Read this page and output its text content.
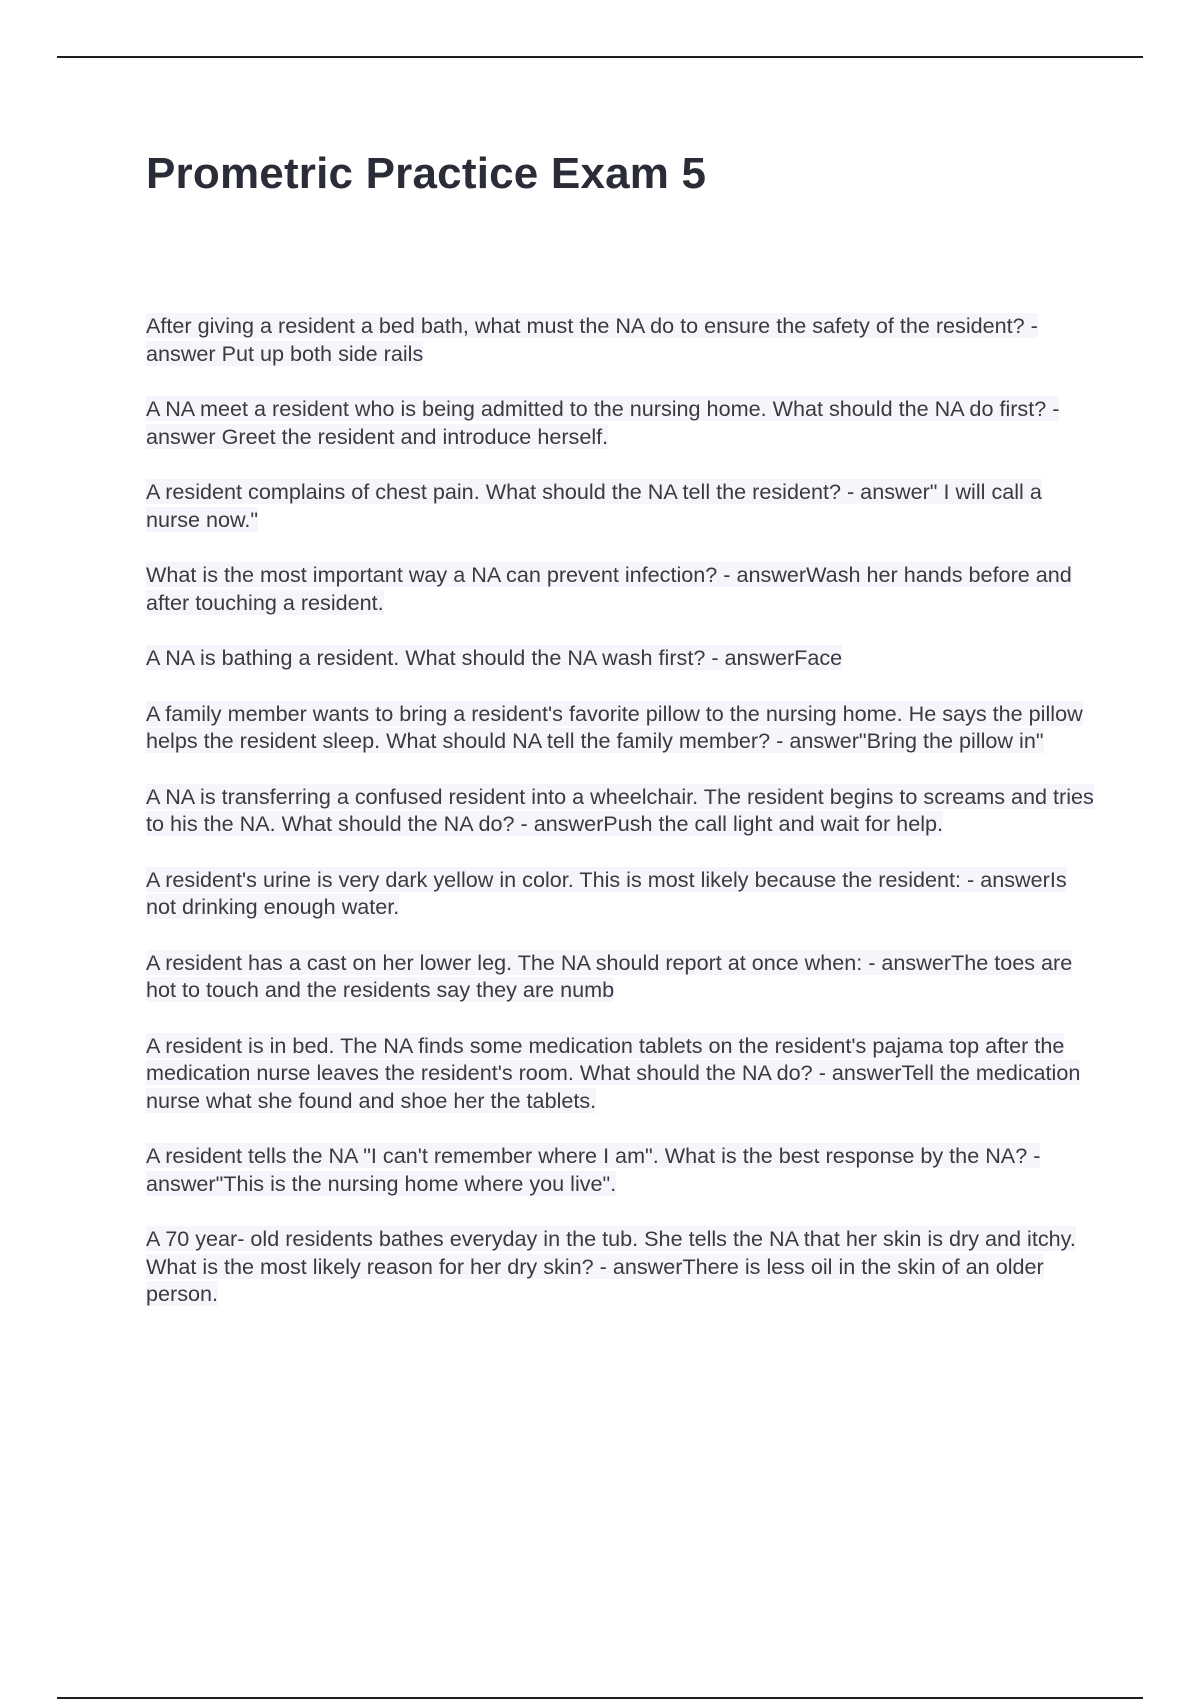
Prometric Practice Exam 5
After giving a resident a bed bath, what must the NA do to ensure the safety of the resident? - answer Put up both side rails
A NA meet a resident who is being admitted to the nursing home. What should the NA do first? - answer Greet the resident and introduce herself.
A resident complains of chest pain. What should the NA tell the resident? - answer" I will call a nurse now."
What is the most important way a NA can prevent infection? - answerWash her hands before and after touching a resident.
A NA is bathing a resident. What should the NA wash first? - answerFace
A family member wants to bring a resident's favorite pillow to the nursing home. He says the pillow helps the resident sleep. What should NA tell the family member? - answer"Bring the pillow in"
A NA is transferring a confused resident into a wheelchair. The resident begins to screams and tries to his the NA. What should the NA do? - answerPush the call light and wait for help.
A resident's urine is very dark yellow in color. This is most likely because the resident: - answerIs not drinking enough water.
A resident has a cast on her lower leg. The NA should report at once when: - answerThe toes are hot to touch and the residents say they are numb
A resident is in bed. The NA finds some medication tablets on the resident's pajama top after the medication nurse leaves the resident's room. What should the NA do? - answerTell the medication nurse what she found and shoe her the tablets.
A resident tells the NA "I can't remember where I am". What is the best response by the NA? - answer"This is the nursing home where you live".
A 70 year- old residents bathes everyday in the tub. She tells the NA that her skin is dry and itchy. What is the most likely reason for her dry skin? - answerThere is less oil in the skin of an older person.
